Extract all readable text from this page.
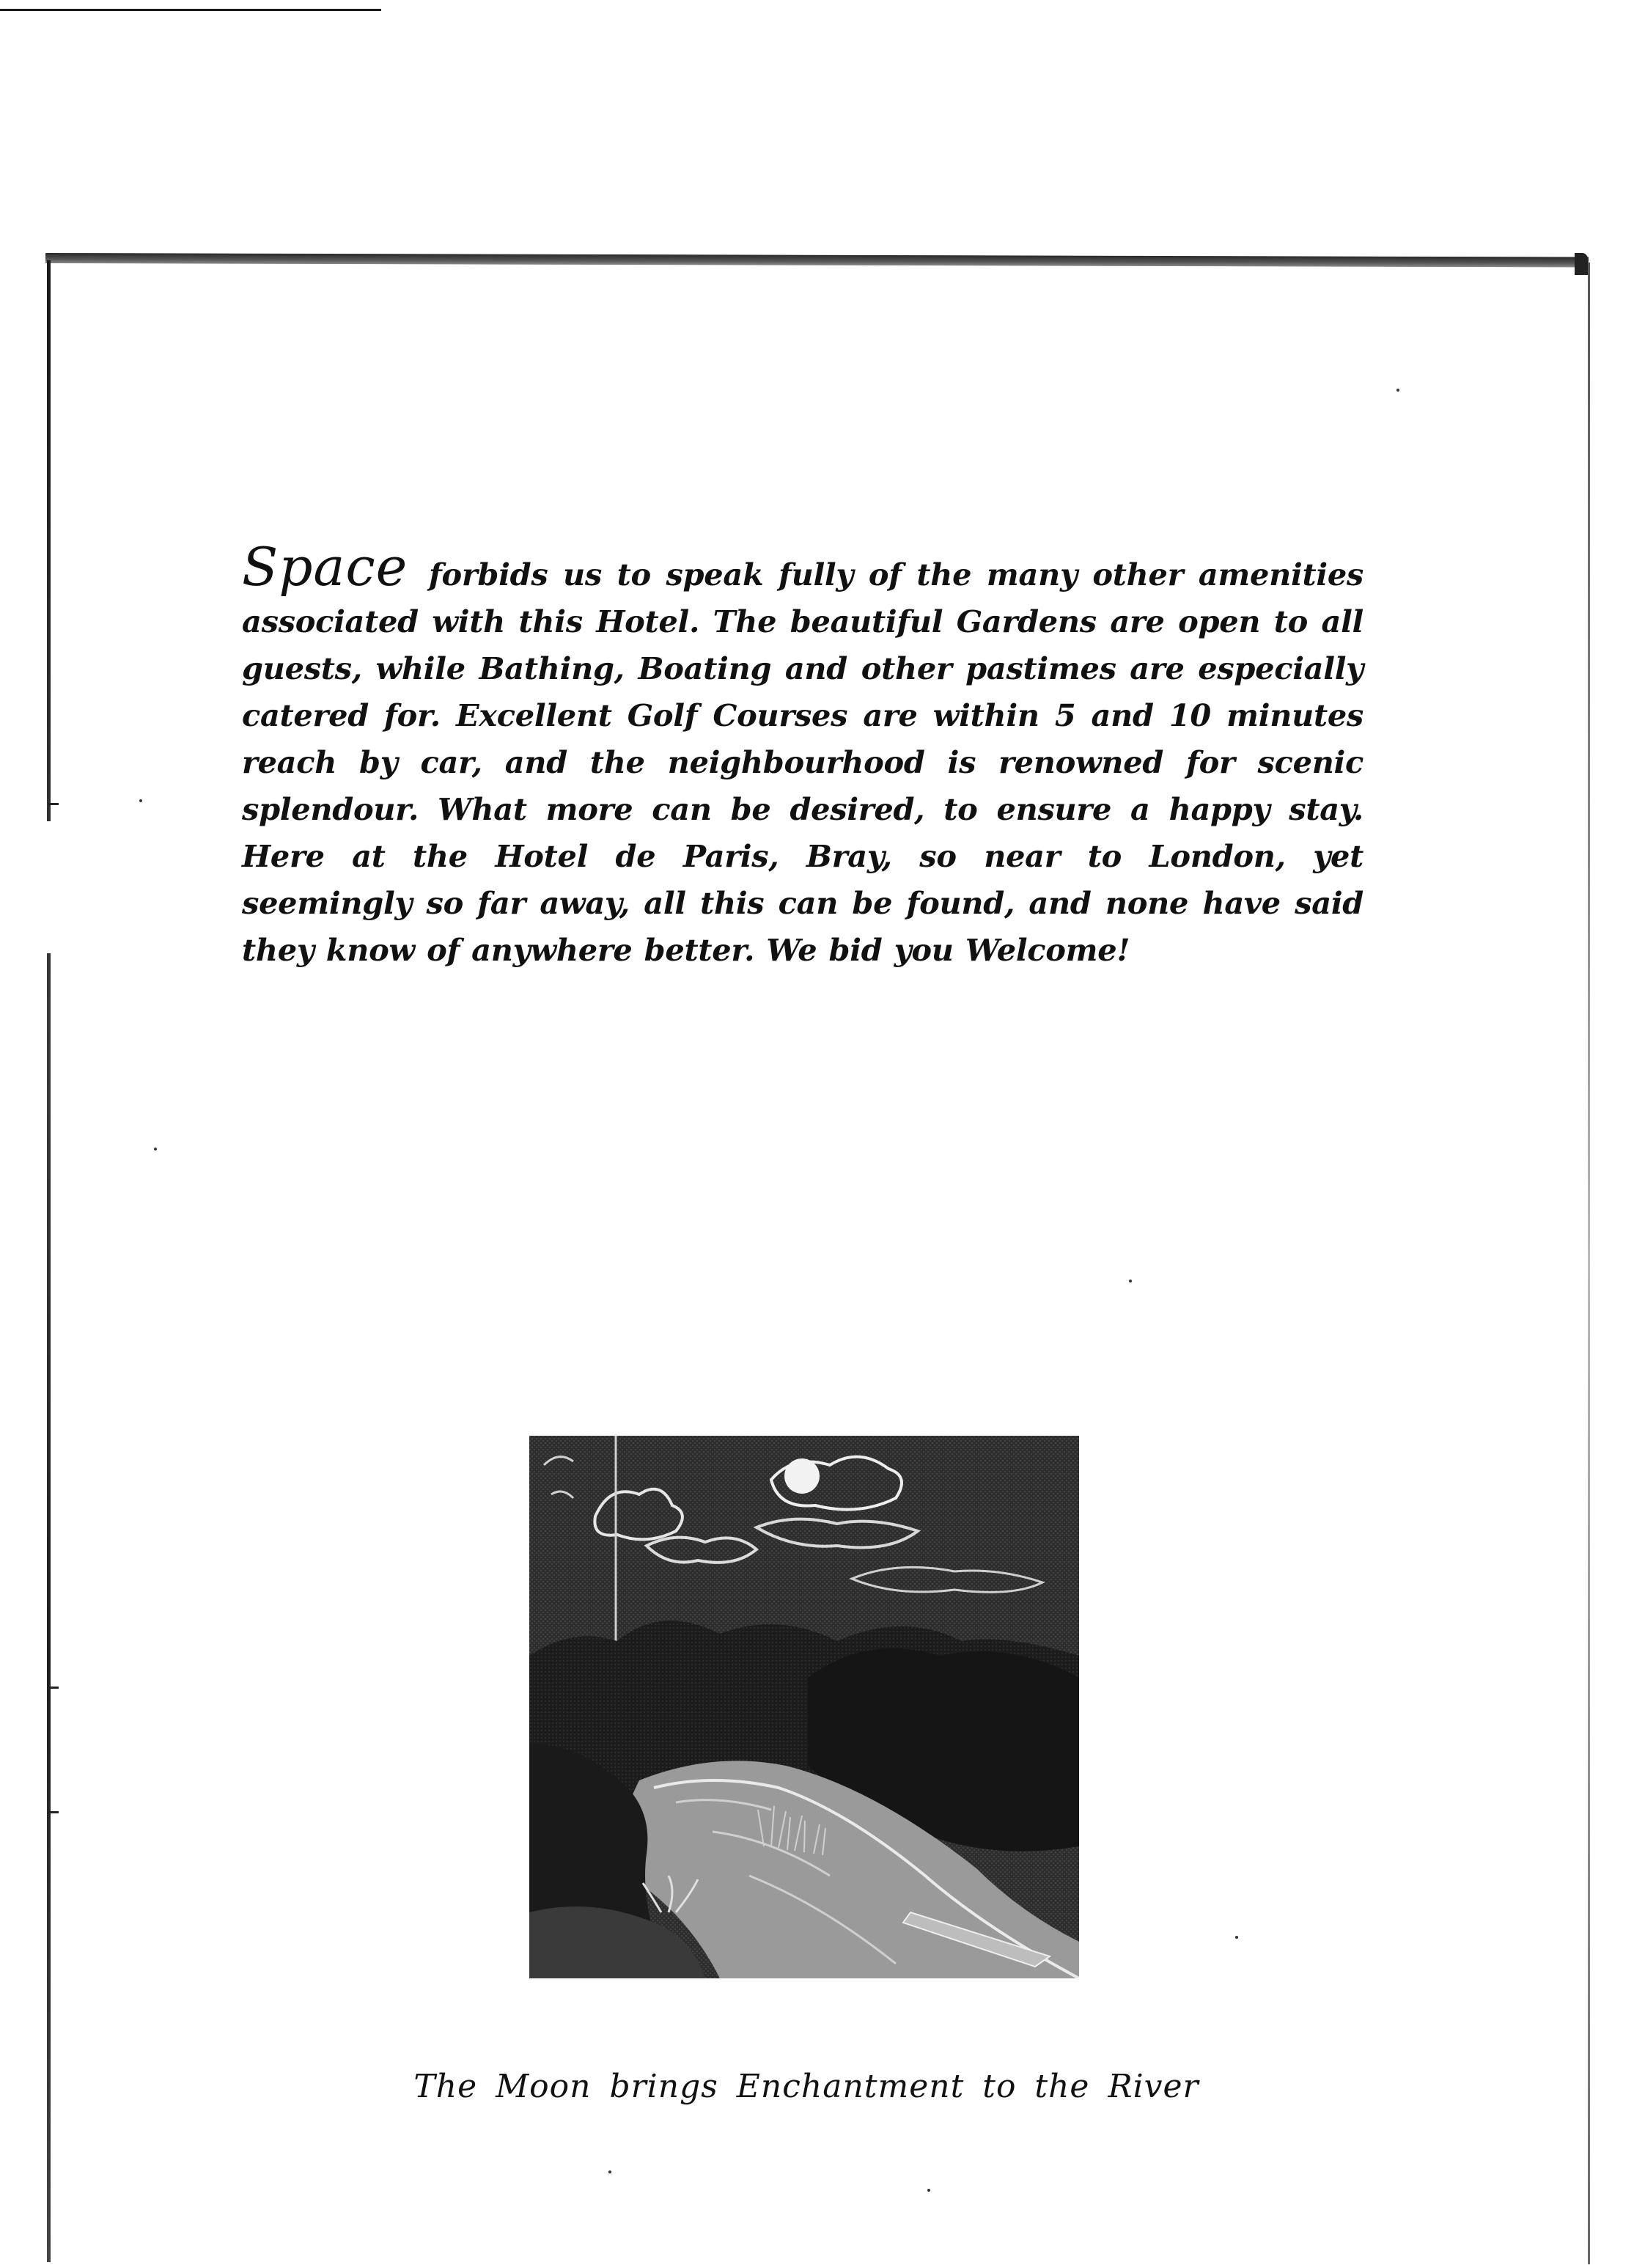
Space forbids us to speak fully of the many other amenities associated with this Hotel. The beautiful Gardens are open to all guests, while Bathing, Boating and other pastimes are especially catered for. Excellent Golf Courses are within 5 and 10 minutes reach by car, and the neighbourhood is renowned for scenic splendour. What more can be desired, to ensure a happy stay. Here at the Hotel de Paris, Bray, so near to London, yet seemingly so far away, all this can be found, and none have said they know of anywhere better. We bid you Welcome!
The Moon brings Enchantment to the River
